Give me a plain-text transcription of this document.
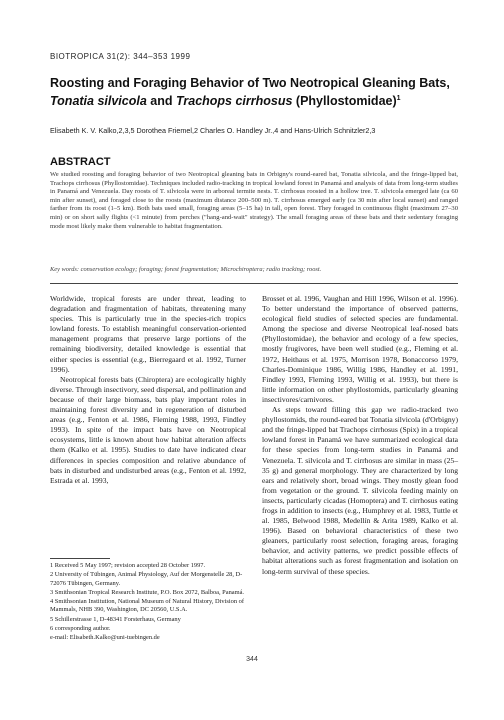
BIOTROPICA 31(2): 344–353 1999
Roosting and Foraging Behavior of Two Neotropical Gleaning Bats,
Tonatia silvicola and Trachops cirrhosus (Phyllostomidae)$^1$
Elisabeth K. V. Kalko,2,3,5 Dorothea Friemel,2 Charles O. Handley Jr.,4 and Hans-Ulrich Schnitzler2,3
ABSTRACT
We studied roosting and foraging behavior of two Neotropical gleaning bats in Orbigny's round-eared bat, Tonatia silvicola, and the fringe-lipped bat, Trachops cirrhosus (Phyllostomidae). Techniques included radio-tracking in tropical lowland forest in Panamá and analysis of data from long-term studies in Panamá and Venezuela. Day roosts of T. silvicola were in arboreal termite nests. T. cirrhosus roosted in a hollow tree. T. silvicola emerged late (ca 60 min after sunset), and foraged close to the roosts (maximum distance 200–500 m). T. cirrhosus emerged early (ca 30 min after local sunset) and ranged farther from its roost (1–5 km). Both bats used small, foraging areas (5–15 ha) in tall, open forest. They foraged in continuous flight (maximum 27–30 min) or on short sally flights (<1 minute) from perches ("hang-and-wait" strategy). The small foraging areas of these bats and their sedentary foraging mode most likely make them vulnerable to habitat fragmentation.
Key words: conservation ecology; foraging; forest fragmentation; Microchiroptera; radio tracking; roost.

Worldwide, tropical forests are under threat, leading to degradation and fragmentation of habitats, threatening many species. This is particularly true in the species-rich tropics lowland forests. To establish meaningful conservation-oriented management programs that preserve large portions of the remaining biodiversity, detailed knowledge is essential that either species is essential (e.g., Bierregaard et al. 1992, Turner 1996).

Neotropical forests bats (Chiroptera) are ecologically highly diverse. Through insectivory, seed dispersal, and pollination and because of their large biomass, bats play important roles in maintaining forest diversity and in regeneration of disturbed areas (e.g., Fenton et al. 1986, Fleming 1988, 1993, Findley 1993). In spite of the impact bats have on Neotropical ecosystems, little is known about how habitat alteration affects them (Kalko et al. 1995). Studies to date have indicated clear differences in species composition and relative abundance of bats in disturbed and undisturbed areas (e.g., Fenton et al. 1992, Estrada et al. 1993,

Brosset et al. 1996, Vaughan and Hill 1996, Wilson et al. 1996). To better understand the importance of observed patterns, ecological field studies of selected species are fundamental. Among the speciose and diverse Neotropical leaf-nosed bats (Phyllostomidae), the behavior and ecology of a few species, mostly frugivores, have been well studied (e.g., Fleming et al. 1972, Heithaus et al. 1975, Morrison 1978, Bonaccorso 1979, Charles-Dominique 1986, Willig 1986, Handley et al. 1991, Findley 1993, Fleming 1993, Willig et al. 1993), but there is little information on other phyllostomids, particularly gleaning insectivores/carnivores.

As steps toward filling this gap we radio-tracked two phyllostomids, the round-eared bat Tonatia silvicola (d'Orbigny) and the fringe-lipped bat Trachops cirrhosus (Spix) in a tropical lowland forest in Panamá we have summarized ecological data for these species from long-term studies in Panamá and Venezuela. T. silvicola and T. cirrhosus are similar in mass (25–35 g) and general morphology. They are characterized by long ears and relatively short, broad wings. They mostly glean food from vegetation or the ground. T. silvicola feeding mainly on insects, particularly cicadas (Homoptera) and T. cirrhosus eating frogs in addition to insects (e.g., Humphrey et al. 1983, Tuttle et al. 1985, Belwood 1988, Medellín & Arita 1989, Kalko et al. 1996). Based on behavioral characteristics of these two gleaners, particularly roost selection, foraging areas, foraging behavior, and activity patterns, we predict possible effects of habitat alterations such as forest fragmentation and isolation on long-term survival of these species.

1 Received 5 May 1997; revision accepted 28 October 1997.

2 University of Tübingen, Animal Physiology, Auf der Morgenstelle 28, D-72076 Tübingen, Germany.

3 Smithsonian Tropical Research Institute, P.O. Box 2072, Balboa, Panamá.

4 Smithsonian Institution, National Museum of Natural History, Division of Mammals, NHB 390, Washington, DC 20560, U.S.A.

5 Schillerstrasse 1, D-48341 Forsterhaus, Germany

6 corresponding author.

e-mail: Elisabeth.Kalko@uni-tuebingen.de

344
